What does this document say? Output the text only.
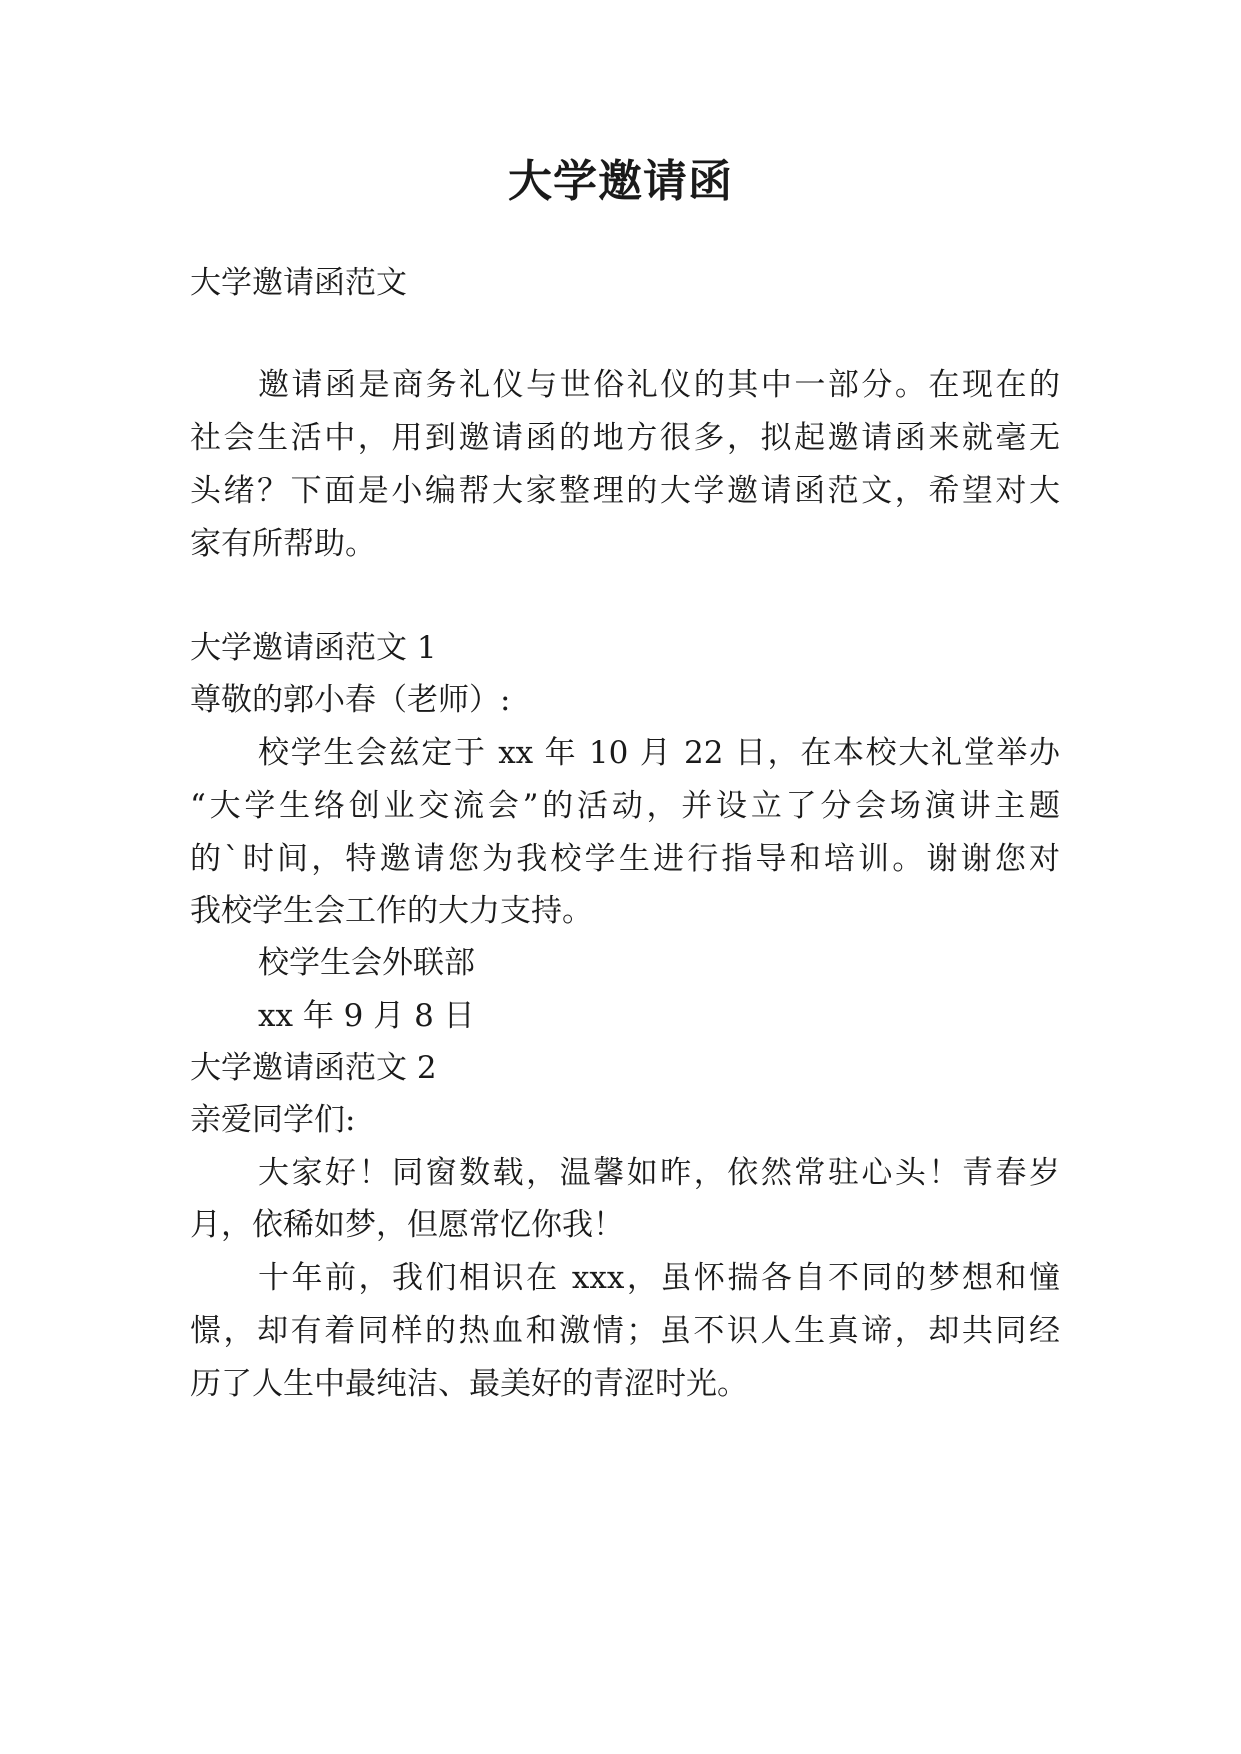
大学邀请函
大学邀请函范文
邀请函是商务礼仪与世俗礼仪的其中一部分。在现在的
社会生活中，用到邀请函的地方很多，拟起邀请函来就毫无
头绪？下面是小编帮大家整理的大学邀请函范文，希望对大
家有所帮助。
大学邀请函范文 1
尊敬的郭小春（老师）:
校学生会兹定于 xx 年 10 月 22 日，在本校大礼堂举办
“大学生络创业交流会”的活动，并设立了分会场演讲主题
的`时间，特邀请您为我校学生进行指导和培训。谢谢您对
我校学生会工作的大力支持。
校学生会外联部
xx 年 9 月 8 日
大学邀请函范文 2
亲爱同学们:
大家好！同窗数载，温馨如昨，依然常驻心头！青春岁
月，依稀如梦，但愿常忆你我！
十年前，我们相识在 xxx，虽怀揣各自不同的梦想和憧
憬，却有着同样的热血和激情；虽不识人生真谛，却共同经
历了人生中最纯洁、最美好的青涩时光。
